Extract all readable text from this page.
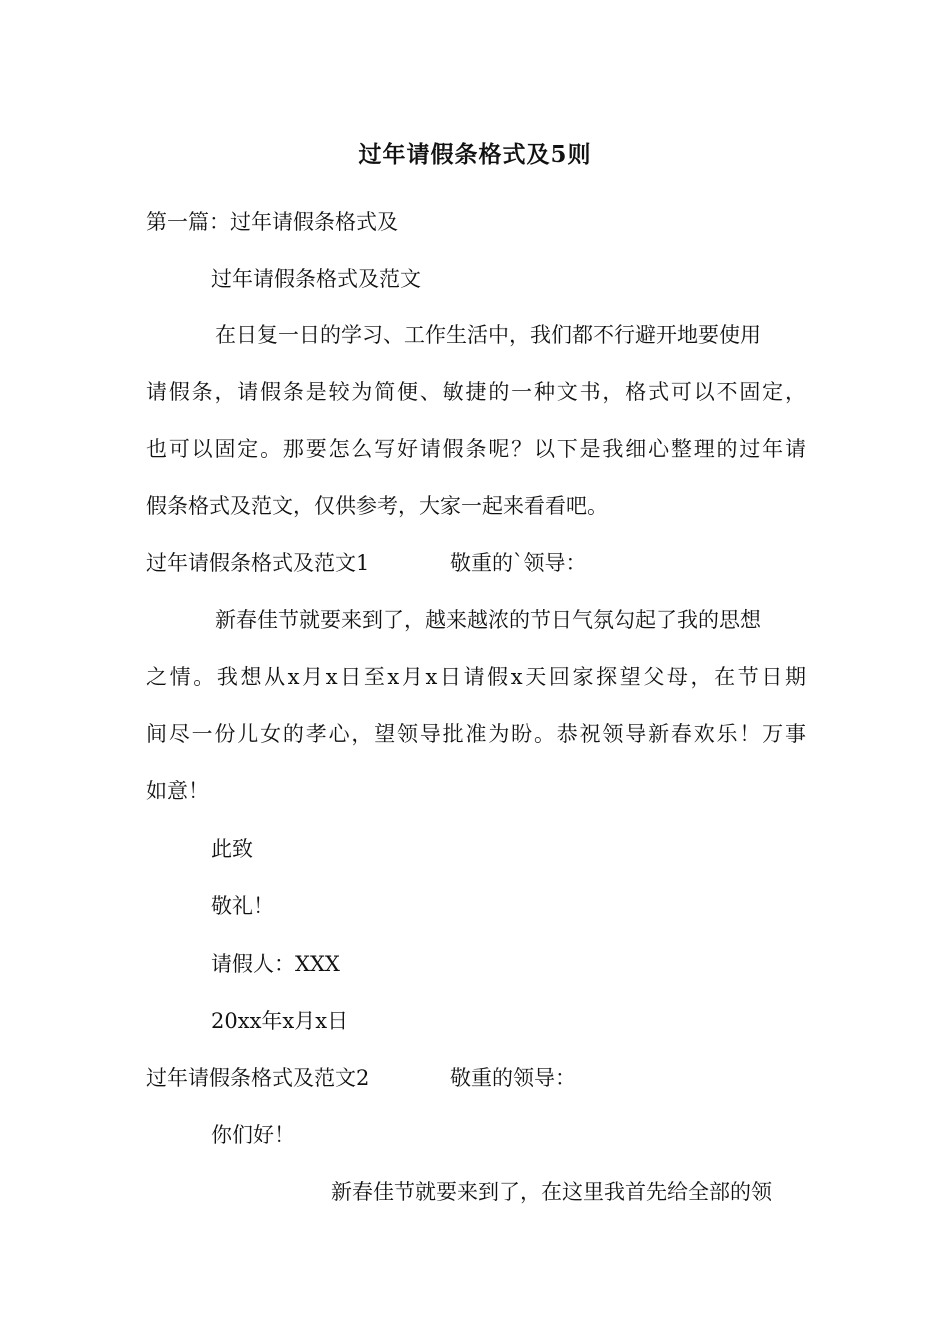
过年请假条格式及5则
第一篇：过年请假条格式及
过年请假条格式及范文
在日复一日的学习、工作生活中，我们都不行避开地要使用
请假条，请假条是较为简便、敏捷的一种文书，格式可以不固定，
也可以固定。那要怎么写好请假条呢？以下是我细心整理的过年请
假条格式及范文，仅供参考，大家一起来看看吧。
过年请假条格式及范文1	敬重的`领导：
新春佳节就要来到了，越来越浓的节日气氛勾起了我的思想
之情。我想从x月x日至x月x日请假x天回家探望父母，在节日期
间尽一份儿女的孝心，望领导批准为盼。恭祝领导新春欢乐！万事
如意！
此致
敬礼！
请假人：XXX
20xx年x月x日
过年请假条格式及范文2	敬重的领导：
你们好！
新春佳节就要来到了，在这里我首先给全部的领
